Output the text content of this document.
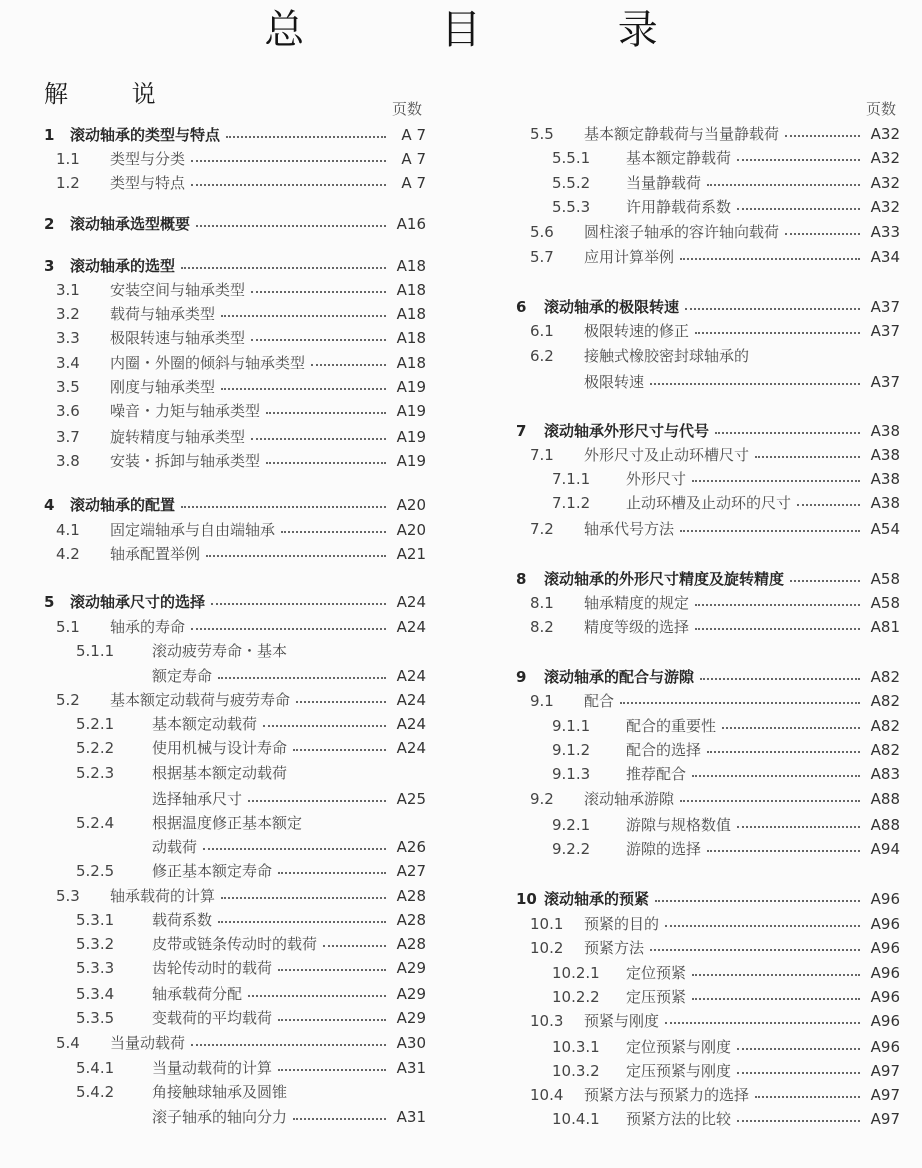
总 目 录
解 说
页数	页数
1	滚动轴承的类型与特点	A 7
1.1	类型与分类	A 7
1.2	类型与特点	A 7
2	滚动轴承选型概要	A16
3	滚动轴承的选型	A18
3.1	安装空间与轴承类型	A18
3.2	载荷与轴承类型	A18
3.3	极限转速与轴承类型	A18
3.4	内圈・外圈的倾斜与轴承类型	A18
3.5	刚度与轴承类型	A19
3.6	噪音・力矩与轴承类型	A19
3.7	旋转精度与轴承类型	A19
3.8	安装・拆卸与轴承类型	A19
4	滚动轴承的配置	A20
4.1	固定端轴承与自由端轴承	A20
4.2	轴承配置举例	A21
5	滚动轴承尺寸的选择	A24
5.1	轴承的寿命	A24
5.1.1	滚动疲劳寿命・基本
额定寿命	A24
5.2	基本额定动载荷与疲劳寿命	A24
5.2.1	基本额定动载荷	A24
5.2.2	使用机械与设计寿命	A24
5.2.3	根据基本额定动载荷
选择轴承尺寸	A25
5.2.4	根据温度修正基本额定
动载荷	A26
5.2.5	修正基本额定寿命	A27
5.3	轴承载荷的计算	A28
5.3.1	载荷系数	A28
5.3.2	皮带或链条传动时的载荷	A28
5.3.3	齿轮传动时的载荷	A29
5.3.4	轴承载荷分配	A29
5.3.5	变载荷的平均载荷	A29
5.4	当量动载荷	A30
5.4.1	当量动载荷的计算	A31
5.4.2	角接触球轴承及圆锥
滚子轴承的轴向分力	A31
5.5	基本额定静载荷与当量静载荷	A32
5.5.1	基本额定静载荷	A32
5.5.2	当量静载荷	A32
5.5.3	许用静载荷系数	A32
5.6	圆柱滚子轴承的容许轴向载荷	A33
5.7	应用计算举例	A34
6	滚动轴承的极限转速	A37
6.1	极限转速的修正	A37
6.2	接触式橡胶密封球轴承的
极限转速	A37
7	滚动轴承外形尺寸与代号	A38
7.1	外形尺寸及止动环槽尺寸	A38
7.1.1	外形尺寸	A38
7.1.2	止动环槽及止动环的尺寸	A38
7.2	轴承代号方法	A54
8	滚动轴承的外形尺寸精度及旋转精度	A58
8.1	轴承精度的规定	A58
8.2	精度等级的选择	A81
9	滚动轴承的配合与游隙	A82
9.1	配合	A82
9.1.1	配合的重要性	A82
9.1.2	配合的选择	A82
9.1.3	推荐配合	A83
9.2	滚动轴承游隙	A88
9.2.1	游隙与规格数值	A88
9.2.2	游隙的选择	A94
10 滚动轴承的预紧	A96
10.1	预紧的目的	A96
10.2	预紧方法	A96
10.2.1	定位预紧	A96
10.2.2	定压预紧	A96
10.3	预紧与刚度	A96
10.3.1	定位预紧与刚度	A96
10.3.2	定压预紧与刚度	A97
10.4	预紧方法与预紧力的选择	A97
10.4.1	预紧方法的比较	A97
